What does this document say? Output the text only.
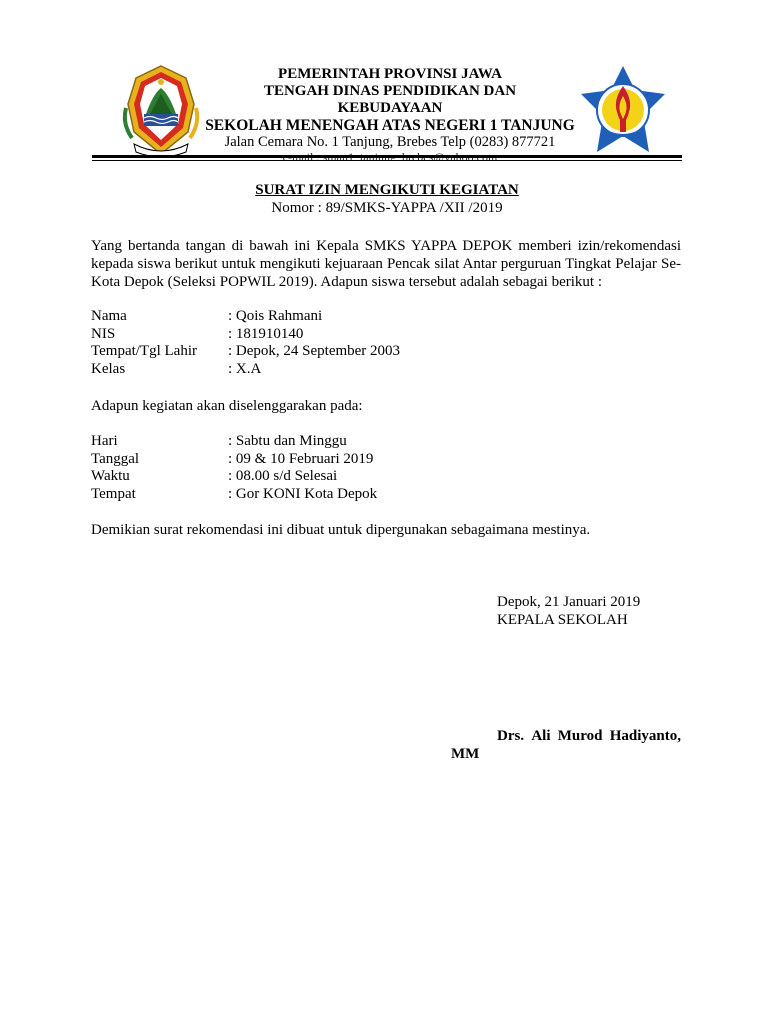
PEMERINTAH PROVINSI JAWA
TENGAH DINAS PENDIDIKAN DAN
KEBUDAYAAN
SEKOLAH MENENGAH ATAS NEGERI 1 TANJUNG
Jalan Cemara No. 1 Tanjung, Brebes Telp (0283) 877721
SURAT IZIN MENGIKUTI KEGIATAN
Nomor : 89/SMKS-YAPPA /XII /2019
Yang bertanda tangan di bawah ini Kepala SMKS YAPPA DEPOK memberi izin/rekomendasi kepada siswa berikut untuk mengikuti kejuaraan Pencak silat Antar perguruan Tingkat Pelajar Se-Kota Depok (Seleksi POPWIL 2019). Adapun siswa tersebut adalah sebagai berikut :
Nama	: Qois Rahmani
NIS	: 181910140
Tempat/Tgl Lahir : Depok, 24 September 2003
Kelas	: X.A
Adapun kegiatan akan diselenggarakan pada:
Hari	: Sabtu dan Minggu
Tanggal	: 09 & 10 Februari 2019
Waktu	: 08.00 s/d Selesai
Tempat	: Gor KONI Kota Depok
Demikian surat rekomendasi ini dibuat untuk dipergunakan sebagaimana mestinya.
Depok, 21 Januari 2019
KEPALA SEKOLAH
Drs. Ali Murod Hadiyanto,
MM
